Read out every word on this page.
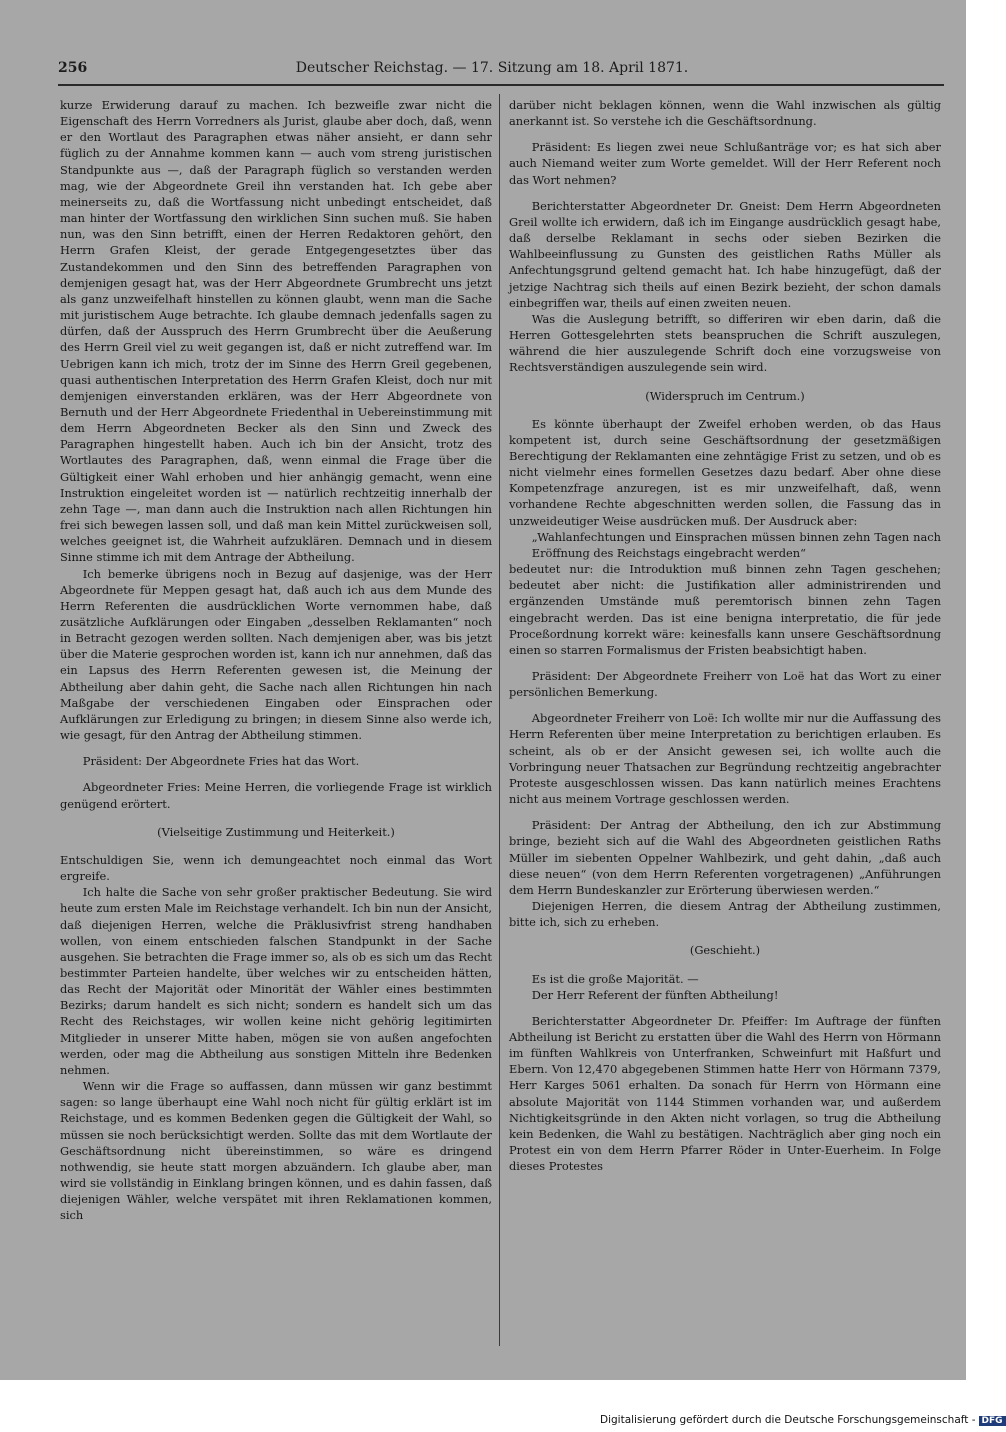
256	Deutscher Reichstag. — 17. Sitzung am 18. April 1871.

kurze Erwiderung darauf zu machen. Ich bezweifle zwar nicht die Eigenschaft des Herrn Vorredners als Jurist, glaube aber doch, daß, wenn er den Wortlaut des Paragraphen etwas näher ansieht, er dann sehr füglich zu der Annahme kommen kann — auch vom streng juristischen Standpunkte aus —, daß der Paragraph füglich so verstanden werden mag, wie der Abgeordnete Greil ihn verstanden hat. Ich gebe aber meinerseits zu, daß die Wortfassung nicht unbedingt entscheidet, daß man hinter der Wortfassung den wirklichen Sinn suchen muß. Sie haben nun, was den Sinn betrifft, einen der Herren Redaktoren gehört, den Herrn Grafen Kleist, der gerade Entgegengesetztes über das Zustandekommen und den Sinn des betreffenden Paragraphen von demjenigen gesagt hat, was der Herr Abgeordnete Grumbrecht uns jetzt als ganz unzweifelhaft hinstellen zu können glaubt, wenn man die Sache mit juristischem Auge betrachte. Ich glaube demnach jedenfalls sagen zu dürfen, daß der Ausspruch des Herrn Grumbrecht über die Aeußerung des Herrn Greil viel zu weit gegangen ist, daß er nicht zutreffend war. Im Uebrigen kann ich mich, trotz der im Sinne des Herrn Greil gegebenen, quasi authentischen Interpretation des Herrn Grafen Kleist, doch nur mit demjenigen einverstanden erklären, was der Herr Abgeordnete von Bernuth und der Herr Abgeordnete Friedenthal in Uebereinstimmung mit dem Herrn Abgeordneten Becker als den Sinn und Zweck des Paragraphen hingestellt haben. Auch ich bin der Ansicht, trotz des Wortlautes des Paragraphen, daß, wenn einmal die Frage über die Gültigkeit einer Wahl erhoben und hier anhängig gemacht, wenn eine Instruktion eingeleitet worden ist — natürlich rechtzeitig innerhalb der zehn Tage —, man dann auch die Instruktion nach allen Richtungen hin frei sich bewegen lassen soll, und daß man kein Mittel zurückweisen soll, welches geeignet ist, die Wahrheit aufzuklären. Demnach und in diesem Sinne stimme ich mit dem Antrage der Abtheilung.

Ich bemerke übrigens noch in Bezug auf dasjenige, was der Herr Abgeordnete für Meppen gesagt hat, daß auch ich aus dem Munde des Herrn Referenten die ausdrücklichen Worte vernommen habe, daß zusätzliche Aufklärungen oder Eingaben „desselben Reklamanten“ noch in Betracht gezogen werden sollten. Nach demjenigen aber, was bis jetzt über die Materie gesprochen worden ist, kann ich nur annehmen, daß das ein Lapsus des Herrn Referenten gewesen ist, die Meinung der Abtheilung aber dahin geht, die Sache nach allen Richtungen hin nach Maßgabe der verschiedenen Eingaben oder Einsprachen oder Aufklärungen zur Erledigung zu bringen; in diesem Sinne also werde ich, wie gesagt, für den Antrag der Abtheilung stimmen.

Präsident: Der Abgeordnete Fries hat das Wort.

Abgeordneter Fries: Meine Herren, die vorliegende Frage ist wirklich genügend erörtert.

(Vielseitige Zustimmung und Heiterkeit.)

Entschuldigen Sie, wenn ich demungeachtet noch einmal das Wort ergreife.

Ich halte die Sache von sehr großer praktischer Bedeutung. Sie wird heute zum ersten Male im Reichstage verhandelt. Ich bin nun der Ansicht, daß diejenigen Herren, welche die Präklusivfrist streng handhaben wollen, von einem entschieden falschen Standpunkt in der Sache ausgehen. Sie betrachten die Frage immer so, als ob es sich um das Recht bestimmter Parteien handelte, über welches wir zu entscheiden hätten, das Recht der Majorität oder Minorität der Wähler eines bestimmten Bezirks; darum handelt es sich nicht; sondern es handelt sich um das Recht des Reichstages, wir wollen keine nicht gehörig legitimirten Mitglieder in unserer Mitte haben, mögen sie von außen angefochten werden, oder mag die Abtheilung aus sonstigen Mitteln ihre Bedenken nehmen.

Wenn wir die Frage so auffassen, dann müssen wir ganz bestimmt sagen: so lange überhaupt eine Wahl noch nicht für gültig erklärt ist im Reichstage, und es kommen Bedenken gegen die Gültigkeit der Wahl, so müssen sie noch berücksichtigt werden. Sollte das mit dem Wortlaute der Geschäftsordnung nicht übereinstimmen, so wäre es dringend nothwendig, sie heute statt morgen abzuändern. Ich glaube aber, man wird sie vollständig in Einklang bringen können, und es dahin fassen, daß diejenigen Wähler, welche verspätet mit ihren Reklamationen kommen, sich

darüber nicht beklagen können, wenn die Wahl inzwischen als gültig anerkannt ist. So verstehe ich die Geschäftsordnung.

Präsident: Es liegen zwei neue Schlußanträge vor; es hat sich aber auch Niemand weiter zum Worte gemeldet. Will der Herr Referent noch das Wort nehmen?

Berichterstatter Abgeordneter Dr. Gneist: Dem Herrn Abgeordneten Greil wollte ich erwidern, daß ich im Eingange ausdrücklich gesagt habe, daß derselbe Reklamant in sechs oder sieben Bezirken die Wahlbeeinflussung zu Gunsten des geistlichen Raths Müller als Anfechtungsgrund geltend gemacht hat. Ich habe hinzugefügt, daß der jetzige Nachtrag sich theils auf einen Bezirk bezieht, der schon damals einbegriffen war, theils auf einen zweiten neuen.

Was die Auslegung betrifft, so differiren wir eben darin, daß die Herren Gottesgelehrten stets beanspruchen die Schrift auszulegen, während die hier auszulegende Schrift doch eine vorzugsweise von Rechtsverständigen auszulegende sein wird.

(Widerspruch im Centrum.)

Es könnte überhaupt der Zweifel erhoben werden, ob das Haus kompetent ist, durch seine Geschäftsordnung der gesetzmäßigen Berechtigung der Reklamanten eine zehntägige Frist zu setzen, und ob es nicht vielmehr eines formellen Gesetzes dazu bedarf. Aber ohne diese Kompetenzfrage anzuregen, ist es mir unzweifelhaft, daß, wenn vorhandene Rechte abgeschnitten werden sollen, die Fassung das in unzweideutiger Weise ausdrücken muß. Der Ausdruck aber:

„Wahlanfechtungen und Einsprachen müssen binnen zehn Tagen nach Eröffnung des Reichstags eingebracht werden“

bedeutet nur: die Introduktion muß binnen zehn Tagen geschehen; bedeutet aber nicht: die Justifikation aller administrirenden und ergänzenden Umstände muß peremtorisch binnen zehn Tagen eingebracht werden. Das ist eine benigna interpretatio, die für jede Proceßordnung korrekt wäre: keinesfalls kann unsere Geschäftsordnung einen so starren Formalismus der Fristen beabsichtigt haben.

Präsident: Der Abgeordnete Freiherr von Loë hat das Wort zu einer persönlichen Bemerkung.

Abgeordneter Freiherr von Loë: Ich wollte mir nur die Auffassung des Herrn Referenten über meine Interpretation zu berichtigen erlauben. Es scheint, als ob er der Ansicht gewesen sei, ich wollte auch die Vorbringung neuer Thatsachen zur Begründung rechtzeitig angebrachter Proteste ausgeschlossen wissen. Das kann natürlich meines Erachtens nicht aus meinem Vortrage geschlossen werden.

Präsident: Der Antrag der Abtheilung, den ich zur Abstimmung bringe, bezieht sich auf die Wahl des Abgeordneten geistlichen Raths Müller im siebenten Oppelner Wahlbezirk, und geht dahin, „daß auch diese neuen“ (von dem Herrn Referenten vorgetragenen) „Anführungen dem Herrn Bundeskanzler zur Erörterung überwiesen werden.“

Diejenigen Herren, die diesem Antrag der Abtheilung zustimmen, bitte ich, sich zu erheben.

(Geschieht.)

Es ist die große Majorität. —

Der Herr Referent der fünften Abtheilung!

Berichterstatter Abgeordneter Dr. Pfeiffer: Im Auftrage der fünften Abtheilung ist Bericht zu erstatten über die Wahl des Herrn von Hörmann im fünften Wahlkreis von Unterfranken, Schweinfurt mit Haßfurt und Ebern. Von 12,470 abgegebenen Stimmen hatte Herr von Hörmann 7379, Herr Karges 5061 erhalten. Da sonach für Herrn von Hörmann eine absolute Majorität von 1144 Stimmen vorhanden war, und außerdem Nichtigkeitsgründe in den Akten nicht vorlagen, so trug die Abtheilung kein Bedenken, die Wahl zu bestätigen. Nachträglich aber ging noch ein Protest ein von dem Herrn Pfarrer Röder in Unter-Euerheim. In Folge dieses Protestes

Digitalisierung gefördert durch die Deutsche Forschungsgemeinschaft - DFG
